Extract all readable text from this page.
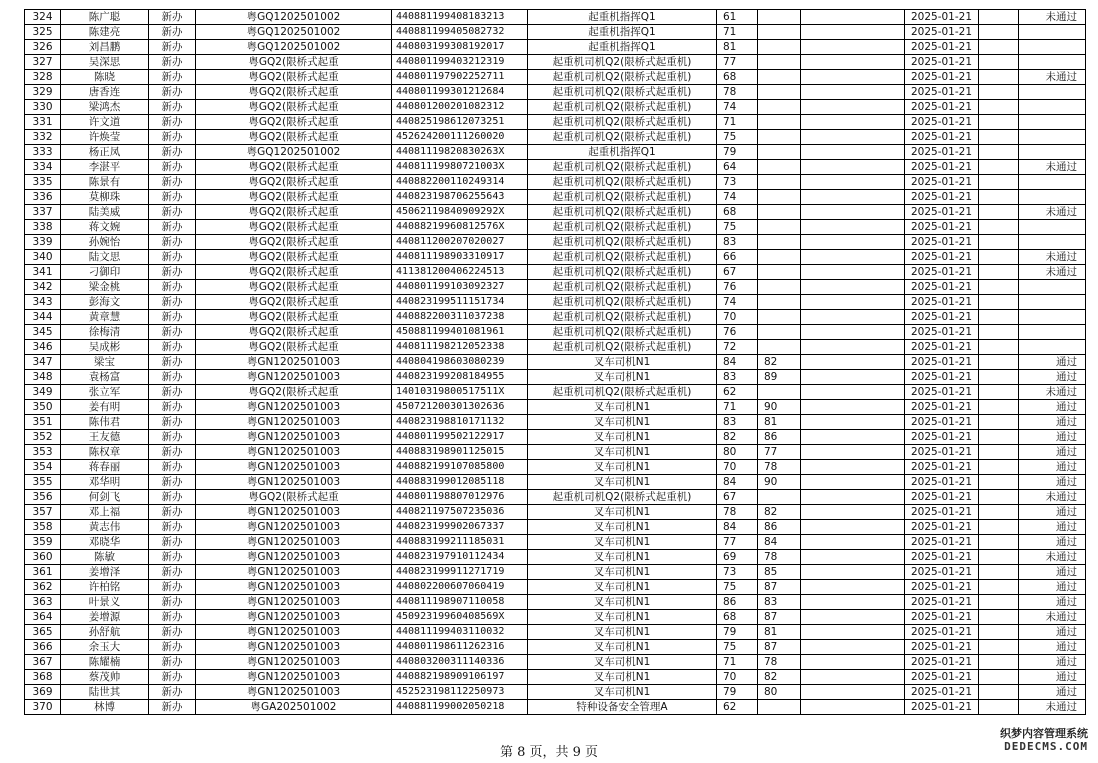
324	陈广聪	新办	粤GQ1202501002	440881199408183213	起重机指挥Q1	61			2025-01-21		未通过
325	陈建亮	新办	粤GQ1202501002	440881199405082732	起重机指挥Q1	71			2025-01-21		
326	刘昌鹏	新办	粤GQ1202501002	440803199308192017	起重机指挥Q1	81			2025-01-21		
327	吴深思	新办	粤GQ2(限桥式起重	440801199403212319	起重机司机Q2(限桥式起重机)	77			2025-01-21		
328	陈晓	新办	粤GQ2(限桥式起重	440801197902252711	起重机司机Q2(限桥式起重机)	68			2025-01-21		未通过
329	唐香连	新办	粤GQ2(限桥式起重	440801199301212684	起重机司机Q2(限桥式起重机)	78			2025-01-21		
330	梁鸿杰	新办	粤GQ2(限桥式起重	440801200201082312	起重机司机Q2(限桥式起重机)	74			2025-01-21		
331	许文道	新办	粤GQ2(限桥式起重	440825198612073251	起重机司机Q2(限桥式起重机)	71			2025-01-21		
332	许焕莹	新办	粤GQ2(限桥式起重	452624200111260020	起重机司机Q2(限桥式起重机)	75			2025-01-21		
333	杨正凤	新办	粤GQ1202501002	44081119820830263X	起重机指挥Q1	79			2025-01-21		
334	李湛平	新办	粤GQ2(限桥式起重	44081119980721003X	起重机司机Q2(限桥式起重机)	64			2025-01-21		未通过
335	陈景有	新办	粤GQ2(限桥式起重	440882200110249314	起重机司机Q2(限桥式起重机)	73			2025-01-21		
336	莫柳珠	新办	粤GQ2(限桥式起重	440823198706255643	起重机司机Q2(限桥式起重机)	74			2025-01-21		
337	陆美威	新办	粤GQ2(限桥式起重	45062119840909292X	起重机司机Q2(限桥式起重机)	68			2025-01-21		未通过
338	蒋文婉	新办	粤GQ2(限桥式起重	44088219960812576X	起重机司机Q2(限桥式起重机)	75			2025-01-21		
339	孙婉怡	新办	粤GQ2(限桥式起重	440811200207020027	起重机司机Q2(限桥式起重机)	83			2025-01-21		
340	陆文思	新办	粤GQ2(限桥式起重	440811198903310917	起重机司机Q2(限桥式起重机)	66			2025-01-21		未通过
341	刁御印	新办	粤GQ2(限桥式起重	411381200406224513	起重机司机Q2(限桥式起重机)	67			2025-01-21		未通过
342	梁金桃	新办	粤GQ2(限桥式起重	440801199103092327	起重机司机Q2(限桥式起重机)	76			2025-01-21		
343	彭海文	新办	粤GQ2(限桥式起重	440823199511151734	起重机司机Q2(限桥式起重机)	74			2025-01-21		
344	黄章慧	新办	粤GQ2(限桥式起重	440882200311037238	起重机司机Q2(限桥式起重机)	70			2025-01-21		
345	徐梅清	新办	粤GQ2(限桥式起重	450881199401081961	起重机司机Q2(限桥式起重机)	76			2025-01-21		
346	吴成彬	新办	粤GQ2(限桥式起重	440811198212052338	起重机司机Q2(限桥式起重机)	72			2025-01-21		
347	梁宝	新办	粤GN1202501003	440804198603080239	叉车司机N1	84	82		2025-01-21		通过
348	袁杨富	新办	粤GN1202501003	440823199208184955	叉车司机N1	83	89		2025-01-21		通过
349	张立军	新办	粤GQ2(限桥式起重	14010319800517511X	起重机司机Q2(限桥式起重机)	62			2025-01-21		未通过
350	姜有明	新办	粤GN1202501003	450721200301302636	叉车司机N1	71	90		2025-01-21		通过
351	陈伟君	新办	粤GN1202501003	440823198810171132	叉车司机N1	83	81		2025-01-21		通过
352	王友德	新办	粤GN1202501003	440801199502122917	叉车司机N1	82	86		2025-01-21		通过
353	陈权章	新办	粤GN1202501003	440883198901125015	叉车司机N1	80	77		2025-01-21		通过
354	蒋春丽	新办	粤GN1202501003	440882199107085800	叉车司机N1	70	78		2025-01-21		通过
355	邓华明	新办	粤GN1202501003	440883199012085118	叉车司机N1	84	90		2025-01-21		通过
356	何剑飞	新办	粤GQ2(限桥式起重	440801198807012976	起重机司机Q2(限桥式起重机)	67			2025-01-21		未通过
357	邓上福	新办	粤GN1202501003	440821197507235036	叉车司机N1	78	82		2025-01-21		通过
358	黄志伟	新办	粤GN1202501003	440823199902067337	叉车司机N1	84	86		2025-01-21		通过
359	邓晓华	新办	粤GN1202501003	440883199211185031	叉车司机N1	77	84		2025-01-21		通过
360	陈敏	新办	粤GN1202501003	440823197910112434	叉车司机N1	69	78		2025-01-21		未通过
361	姜增泽	新办	粤GN1202501003	440823199911271719	叉车司机N1	73	85		2025-01-21		通过
362	许柏铭	新办	粤GN1202501003	440802200607060419	叉车司机N1	75	87		2025-01-21		通过
363	叶景义	新办	粤GN1202501003	440811198907110058	叉车司机N1	86	83		2025-01-21		通过
364	姜增源	新办	粤GN1202501003	45092319960408569X	叉车司机N1	68	87		2025-01-21		未通过
365	孙舒航	新办	粤GN1202501003	440811199403110032	叉车司机N1	79	81		2025-01-21		通过
366	余玉大	新办	粤GN1202501003	440801198611262316	叉车司机N1	75	87		2025-01-21		通过
367	陈耀楠	新办	粤GN1202501003	440803200311140336	叉车司机N1	71	78		2025-01-21		通过
368	蔡茂帅	新办	粤GN1202501003	440882198909106197	叉车司机N1	70	82		2025-01-21		通过
369	陆世其	新办	粤GN1202501003	452523198112250973	叉车司机N1	79	80		2025-01-21		通过
370	林博	新办	粤GA202501002	440881199002050218	特种设备安全管理A	62			2025-01-21		未通过
第 8 页，共 9 页
织梦内容管理系统
DEDECMS.COM
